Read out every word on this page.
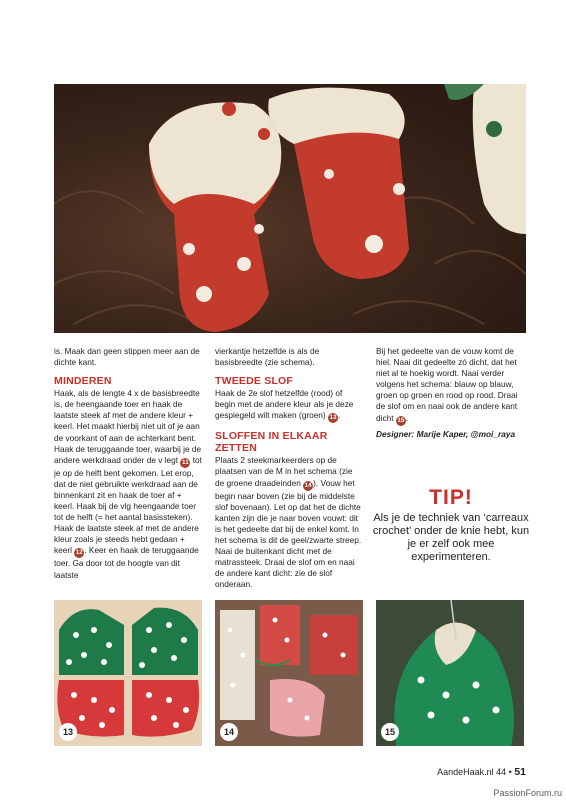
is. Maak dan geen stippen meer aan de dichte kant.

MINDEREN

Haak, als de lengte 4 x de basisbreedte is, de heengaande toer en haak de laatste steek af met de andere kleur + keerl. Het maakt hierbij niet uit of je aan de voorkant of aan de achterkant bent. Haak de teruggaande toer, waarbij je de andere werkdraad onder de v legt 11 tot je op de helft bent gekomen. Let erop, dat de niet gebruikte werkdraad aan de binnenkant zit en haak de toer af + keerl. Haak bij de vlg heengaande toer tot de helft (= het aantal basissteken). Haak de laatste steek af met de andere kleur zoals je steeds hebt gedaan + keerl 12 . Keer en haak de teruggaande toer. Ga door tot de hoogte van dit laatste

vierkantje hetzelfde is als de basisbreedte (zie schema).

TWEEDE SLOF

Haak de 2e slof hetzelfde (rood) of begin met de andere kleur als je deze gespiegeld wilt maken (groen) 13 .

SLOFFEN IN ELKAAR ZETTEN

Plaats 2 steekmarkeerders op de plaatsen van de M in het schema (zie de groene draadeinden 14 ). Vouw het begin naar boven (zie bij de middelste slof bovenaan). Let op dat het de dichte kanten zijn die je naar boven vouwt: dit is het gedeelte dat bij de enkel komt. In het schema is dit de geel/zwarte streep. Naai de buitenkant dicht met de matrassteek. Draai de slof om en naai de andere kant dicht: zie de slof onderaan.

Bij het gedeelte van de vouw komt de hiel. Naai dit gedeelte zó dicht, dat het niet al te hoekig wordt. Naai verder volgens het schema: blauw op blauw, groen op groen en rood op rood. Draai de slof om en naai ook de andere kant dicht 15 .

Designer: Marije Kaper, @moi_raya

TIP!
Als je de techniek van ‘carreaux crochet’ onder de knie hebt, kun je er zelf ook mee experimenteren.
13	14	15
AandeHaak.nl 44 • 51
PassionForum.ru
